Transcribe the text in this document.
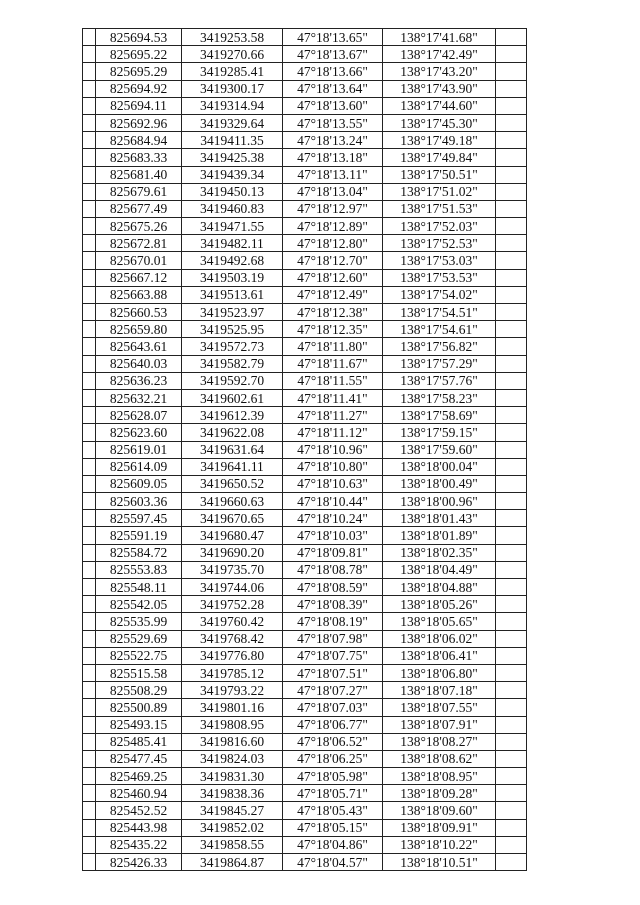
	825694.53	3419253.58	47°18'13.65"	138°17'41.68"	
	825695.22	3419270.66	47°18'13.67"	138°17'42.49"	
	825695.29	3419285.41	47°18'13.66"	138°17'43.20"	
	825694.92	3419300.17	47°18'13.64"	138°17'43.90"	
	825694.11	3419314.94	47°18'13.60"	138°17'44.60"	
	825692.96	3419329.64	47°18'13.55"	138°17'45.30"	
	825684.94	3419411.35	47°18'13.24"	138°17'49.18"	
	825683.33	3419425.38	47°18'13.18"	138°17'49.84"	
	825681.40	3419439.34	47°18'13.11"	138°17'50.51"	
	825679.61	3419450.13	47°18'13.04"	138°17'51.02"	
	825677.49	3419460.83	47°18'12.97"	138°17'51.53"	
	825675.26	3419471.55	47°18'12.89"	138°17'52.03"	
	825672.81	3419482.11	47°18'12.80"	138°17'52.53"	
	825670.01	3419492.68	47°18'12.70"	138°17'53.03"	
	825667.12	3419503.19	47°18'12.60"	138°17'53.53"	
	825663.88	3419513.61	47°18'12.49"	138°17'54.02"	
	825660.53	3419523.97	47°18'12.38"	138°17'54.51"	
	825659.80	3419525.95	47°18'12.35"	138°17'54.61"	
	825643.61	3419572.73	47°18'11.80"	138°17'56.82"	
	825640.03	3419582.79	47°18'11.67"	138°17'57.29"	
	825636.23	3419592.70	47°18'11.55"	138°17'57.76"	
	825632.21	3419602.61	47°18'11.41"	138°17'58.23"	
	825628.07	3419612.39	47°18'11.27"	138°17'58.69"	
	825623.60	3419622.08	47°18'11.12"	138°17'59.15"	
	825619.01	3419631.64	47°18'10.96"	138°17'59.60"	
	825614.09	3419641.11	47°18'10.80"	138°18'00.04"	
	825609.05	3419650.52	47°18'10.63"	138°18'00.49"	
	825603.36	3419660.63	47°18'10.44"	138°18'00.96"	
	825597.45	3419670.65	47°18'10.24"	138°18'01.43"	
	825591.19	3419680.47	47°18'10.03"	138°18'01.89"	
	825584.72	3419690.20	47°18'09.81"	138°18'02.35"	
	825553.83	3419735.70	47°18'08.78"	138°18'04.49"	
	825548.11	3419744.06	47°18'08.59"	138°18'04.88"	
	825542.05	3419752.28	47°18'08.39"	138°18'05.26"	
	825535.99	3419760.42	47°18'08.19"	138°18'05.65"	
	825529.69	3419768.42	47°18'07.98"	138°18'06.02"	
	825522.75	3419776.80	47°18'07.75"	138°18'06.41"	
	825515.58	3419785.12	47°18'07.51"	138°18'06.80"	
	825508.29	3419793.22	47°18'07.27"	138°18'07.18"	
	825500.89	3419801.16	47°18'07.03"	138°18'07.55"	
	825493.15	3419808.95	47°18'06.77"	138°18'07.91"	
	825485.41	3419816.60	47°18'06.52"	138°18'08.27"	
	825477.45	3419824.03	47°18'06.25"	138°18'08.62"	
	825469.25	3419831.30	47°18'05.98"	138°18'08.95"	
	825460.94	3419838.36	47°18'05.71"	138°18'09.28"	
	825452.52	3419845.27	47°18'05.43"	138°18'09.60"	
	825443.98	3419852.02	47°18'05.15"	138°18'09.91"	
	825435.22	3419858.55	47°18'04.86"	138°18'10.22"	
	825426.33	3419864.87	47°18'04.57"	138°18'10.51"	
